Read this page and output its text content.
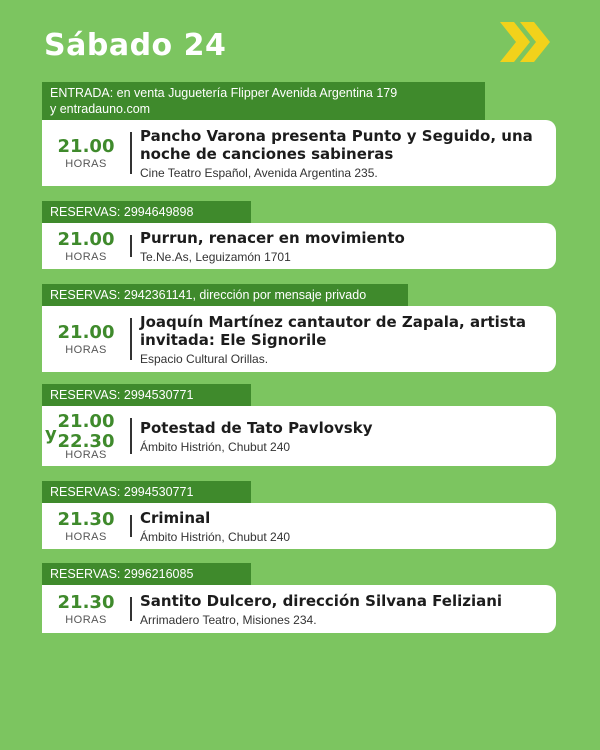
Sábado 24
ENTRADA: en venta Juguetería Flipper Avenida Argentina 179
y entradauno.com
21.00
HORAS
Pancho Varona presenta Punto y Seguido, una noche de canciones sabineras
Cine Teatro Español, Avenida Argentina 235.
RESERVAS: 2994649898
21.00
HORAS
Purrun, renacer en movimiento
Te.Ne.As, Leguizamón 1701
RESERVAS: 2942361141, dirección por mensaje privado
21.00
HORAS
Joaquín Martínez cantautor de Zapala, artista invitada: Ele Signorile
Espacio Cultural Orillas.
RESERVAS: 2994530771
y
21.00
22.30
HORAS
Potestad de Tato Pavlovsky
Ámbito Histrión, Chubut 240
RESERVAS: 2994530771
21.30
HORAS
Criminal
Ámbito Histrión, Chubut 240
RESERVAS: 2996216085
21.30
HORAS
Santito Dulcero, dirección Silvana Feliziani
Arrimadero Teatro, Misiones 234.
